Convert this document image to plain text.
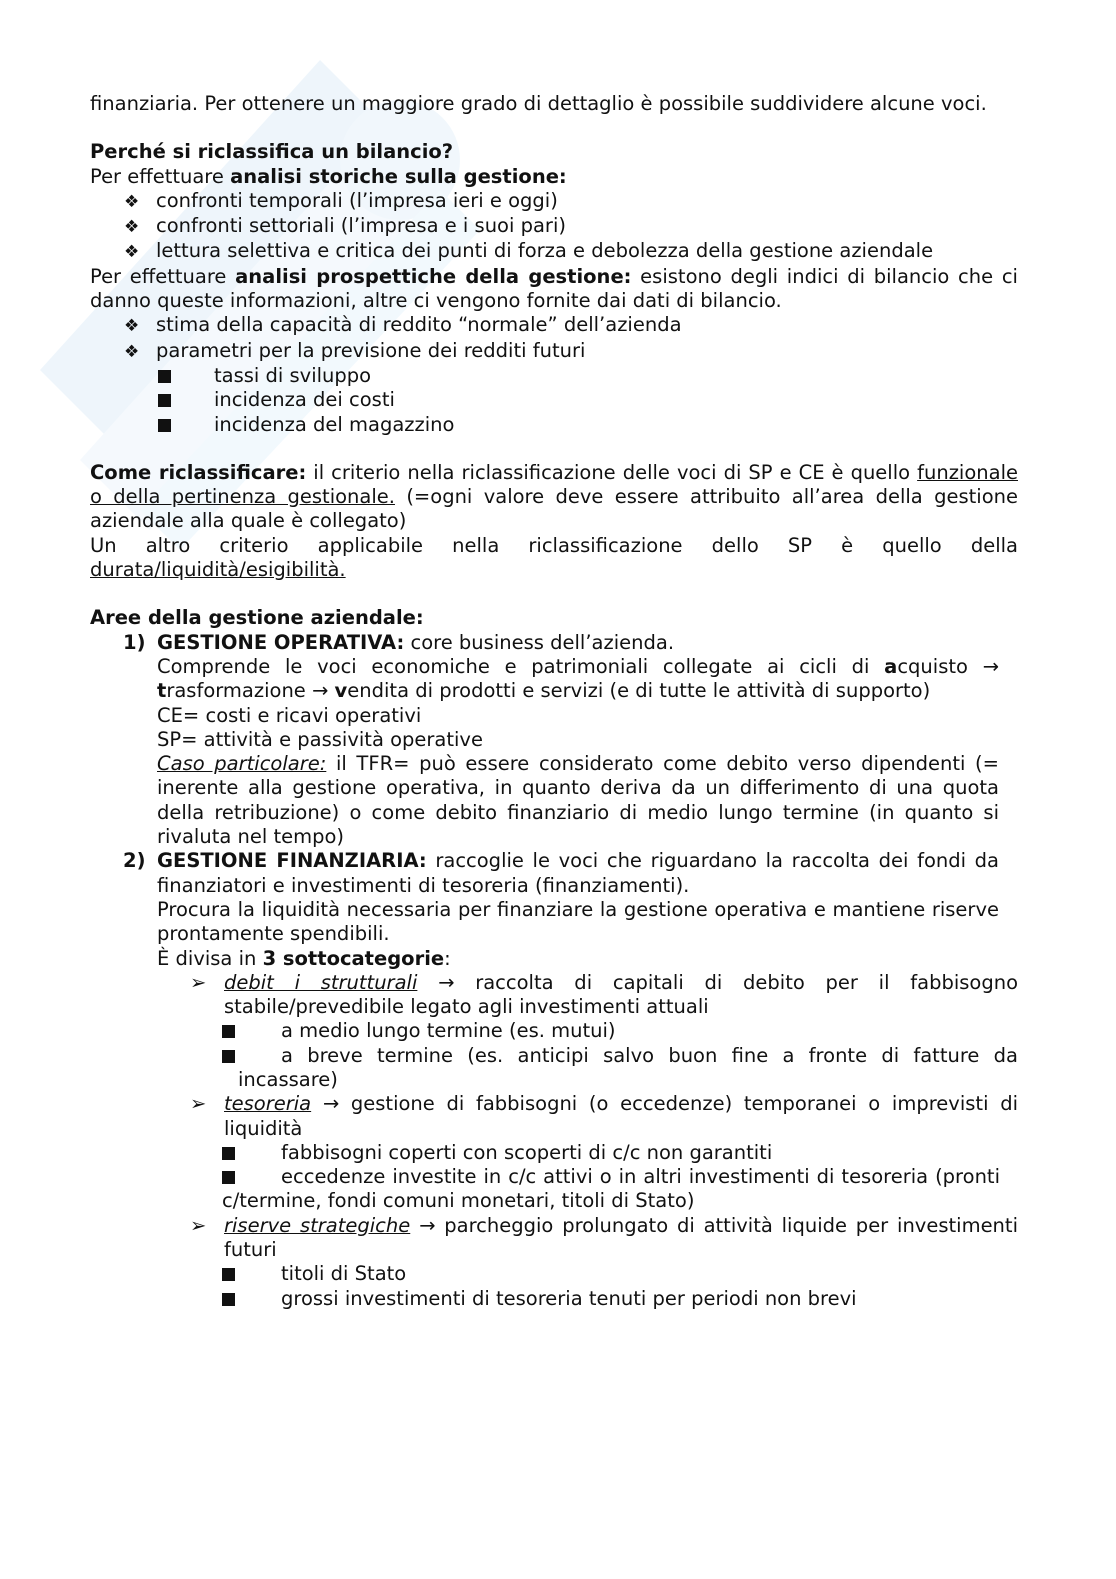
finanziaria. Per ottenere un maggiore grado di dettaglio è possibile suddividere alcune voci.

Perché si riclassifica un bilancio?

Per effettuare analisi storiche sulla gestione:

❖ confronti temporali (l’impresa ieri e oggi)
❖ confronti settoriali (l’impresa e i suoi pari)
❖ lettura selettiva e critica dei punti di forza e debolezza della gestione aziendale

Per effettuare analisi prospettiche della gestione: esistono degli indici di bilancio che ci danno queste informazioni, altre ci vengono fornite dai dati di bilancio.

❖ stima della capacità di reddito “normale” dell’azienda
❖ parametri per la previsione dei redditi futuri
tassi di sviluppo
incidenza dei costi
incidenza del magazzino

Come riclassificare: il criterio nella riclassificazione delle voci di SP e CE è quello funzionale o della pertinenza gestionale. (=ogni valore deve essere attribuito all’area della gestione aziendale alla quale è collegato)

Un altro criterio applicabile nella riclassificazione dello SP è quello della

durata/liquidità/esigibilità.

Aree della gestione aziendale:

1) GESTIONE OPERATIVA: core business dell’azienda.

Comprende le voci economiche e patrimoniali collegate ai cicli di acquisto → trasformazione → vendita di prodotti e servizi (e di tutte le attività di supporto)

CE= costi e ricavi operativi

SP= attività e passività operative

Caso particolare: il TFR= può essere considerato come debito verso dipendenti (= inerente alla gestione operativa, in quanto deriva da un differimento di una quota della retribuzione) o come debito finanziario di medio lungo termine (in quanto si rivaluta nel tempo)

2) GESTIONE FINANZIARIA: raccoglie le voci che riguardano la raccolta dei fondi da finanziatori e investimenti di tesoreria (finanziamenti).

Procura la liquidità necessaria per finanziare la gestione operativa e mantiene riserve prontamente spendibili.

È divisa in 3 sottocategorie:

➢ debit i strutturali → raccolta di capitali di debito per il fabbisogno stabile/prevedibile legato agli investimenti attuali
a medio lungo termine (es. mutui)
a breve termine (es. anticipi salvo buon fine a fronte di fatture da incassare)
➢ tesoreria → gestione di fabbisogni (o eccedenze) temporanei o imprevisti di liquidità
fabbisogni coperti con scoperti di c/c non garantiti
eccedenze investite in c/c attivi o in altri investimenti di tesoreria (pronti c/termine, fondi comuni monetari, titoli di Stato)
➢ riserve strategiche → parcheggio prolungato di attività liquide per investimenti futuri
titoli di Stato
grossi investimenti di tesoreria tenuti per periodi non brevi
